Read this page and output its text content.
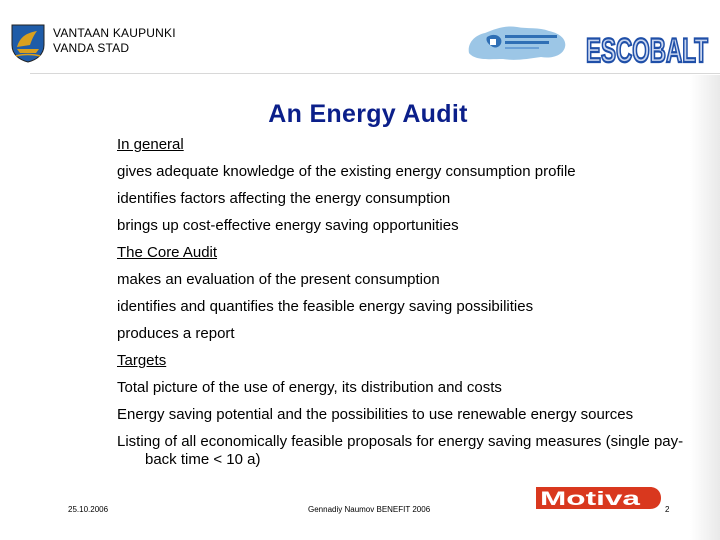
VANTAAN KAUPUNKI
VANDA STAD	ESCOBALT
An Energy Audit

In general

gives adequate knowledge of the existing energy consumption profile

identifies factors affecting the energy consumption

brings up cost-effective energy saving opportunities

The Core Audit

makes an evaluation of the present consumption

identifies and quantifies the feasible energy saving possibilities

produces a report

Targets

Total picture of the use of energy, its distribution and costs

Energy saving potential and the possibilities to use renewable energy sources

Listing of all economically feasible proposals for energy saving measures (single pay-back time < 10 a)

25.10.2006	Gennadiy Naumov BENEFIT 2006	Motiva	2
